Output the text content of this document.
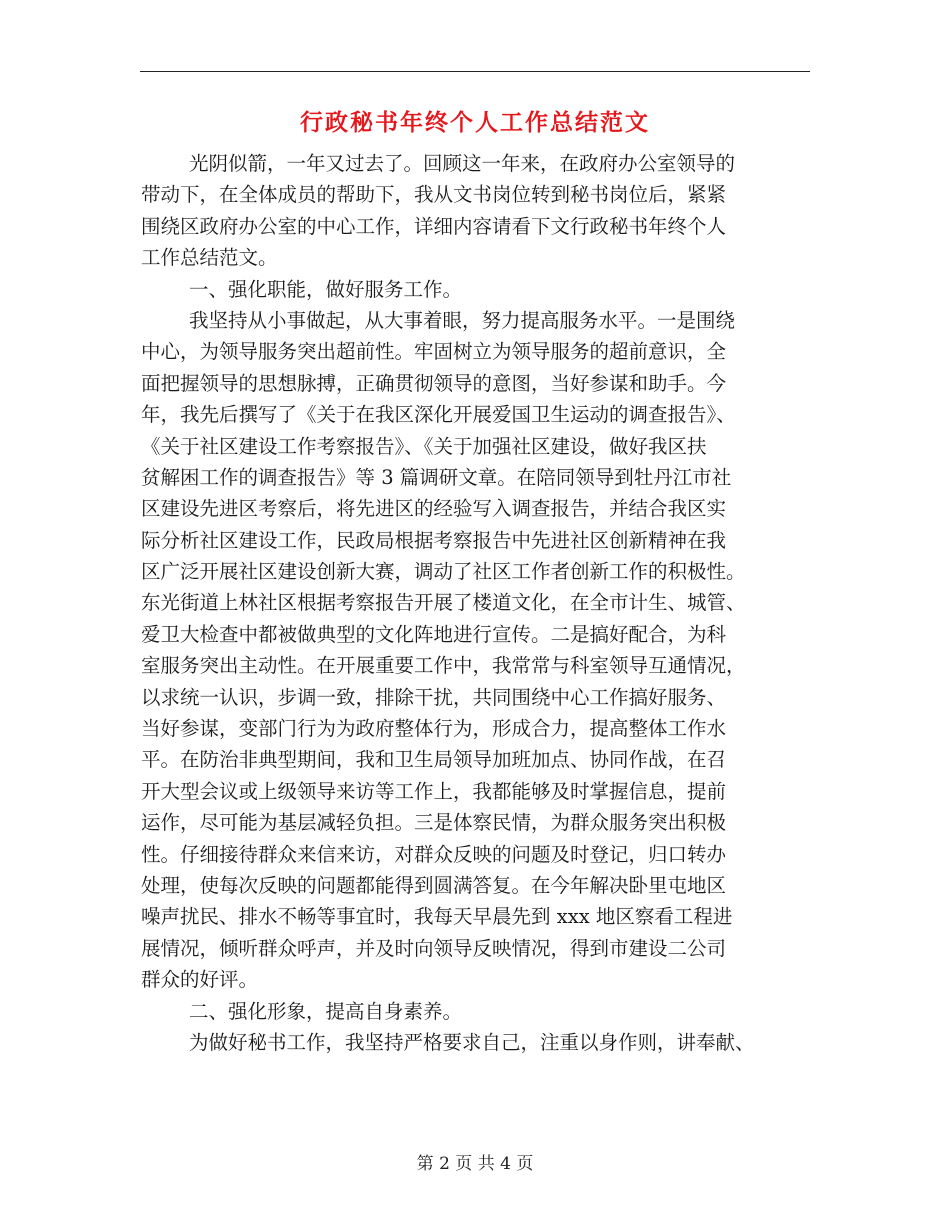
行政秘书年终个人工作总结范文

光阴似箭，一年又过去了。回顾这一年来，在政府办公室领导的

带动下，在全体成员的帮助下，我从文书岗位转到秘书岗位后，紧紧

围绕区政府办公室的中心工作，详细内容请看下文行政秘书年终个人

工作总结范文。

一、强化职能，做好服务工作。

我坚持从小事做起，从大事着眼，努力提高服务水平。一是围绕

中心，为领导服务突出超前性。牢固树立为领导服务的超前意识，全

面把握领导的思想脉搏，正确贯彻领导的意图，当好参谋和助手。今

年，我先后撰写了《关于在我区深化开展爱国卫生运动的调查报告》、

《关于社区建设工作考察报告》、《关于加强社区建设，做好我区扶

贫解困工作的调查报告》等 3 篇调研文章。在陪同领导到牡丹江市社

区建设先进区考察后，将先进区的经验写入调查报告，并结合我区实

际分析社区建设工作，民政局根据考察报告中先进社区创新精神在我

区广泛开展社区建设创新大赛，调动了社区工作者创新工作的积极性。

东光街道上林社区根据考察报告开展了楼道文化，在全市计生、城管、

爱卫大检查中都被做典型的文化阵地进行宣传。二是搞好配合，为科

室服务突出主动性。在开展重要工作中，我常常与科室领导互通情况，

以求统一认识，步调一致，排除干扰，共同围绕中心工作搞好服务、

当好参谋，变部门行为为政府整体行为，形成合力，提高整体工作水

平。在防治非典型期间，我和卫生局领导加班加点、协同作战，在召

开大型会议或上级领导来访等工作上，我都能够及时掌握信息，提前

运作，尽可能为基层减轻负担。三是体察民情，为群众服务突出积极

性。仔细接待群众来信来访，对群众反映的问题及时登记，归口转办

处理，使每次反映的问题都能得到圆满答复。在今年解决卧里屯地区

噪声扰民、排水不畅等事宜时，我每天早晨先到 xxx 地区察看工程进

展情况，倾听群众呼声，并及时向领导反映情况，得到市建设二公司

群众的好评。

二、强化形象，提高自身素养。

为做好秘书工作，我坚持严格要求自己，注重以身作则，讲奉献、

第 2 页 共 4 页
